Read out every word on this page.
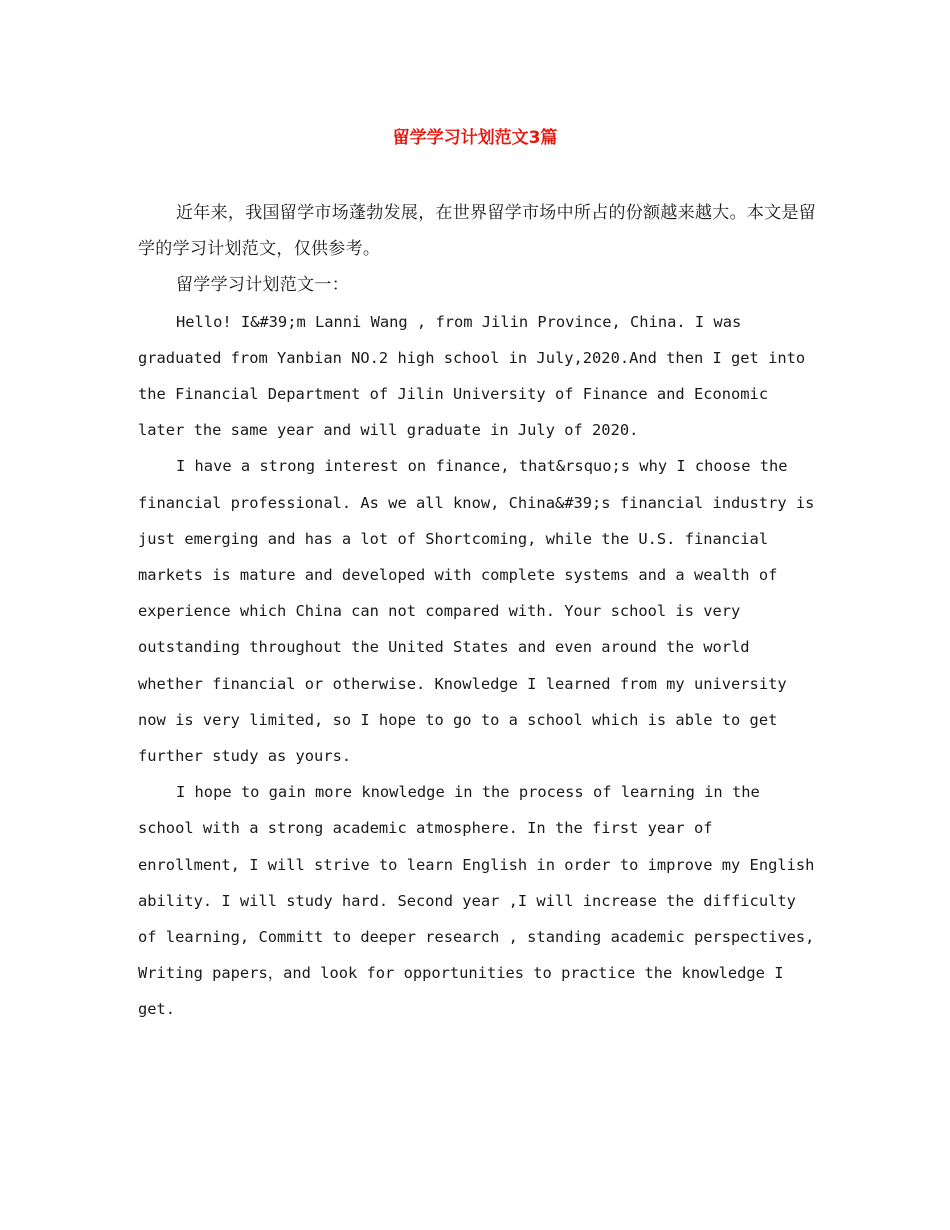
留学学习计划范文3篇

近年来，我国留学市场蓬勃发展，在世界留学市场中所占的份额越来越大。本文是留学的学习计划范文，仅供参考。

留学学习计划范文一：

Hello! I&#39;m Lanni Wang , from Jilin Province, China. I was graduated from Yanbian NO.2 high school in July,2020.And then I get into the Financial Department of Jilin University of Finance and Economic later the same year and will graduate in July of 2020.

I have a strong interest on finance, that&rsquo;s why I choose the financial professional. As we all know, China&#39;s financial industry is just emerging and has a lot of Shortcoming, while the U.S. financial markets is mature and developed with complete systems and a wealth of experience which China can not compared with. Your school is very outstanding throughout the United States and even around the world whether financial or otherwise. Knowledge I learned from my university now is very limited, so I hope to go to a school which is able to get further study as yours.

I hope to gain more knowledge in the process of learning in the school with a strong academic atmosphere. In the first year of enrollment, I will strive to learn English in order to improve my English ability. I will study hard. Second year ,I will increase the difficulty of learning, Committ to deeper research , standing academic perspectives, Writing papers，and look for opportunities to practice the knowledge I get.
